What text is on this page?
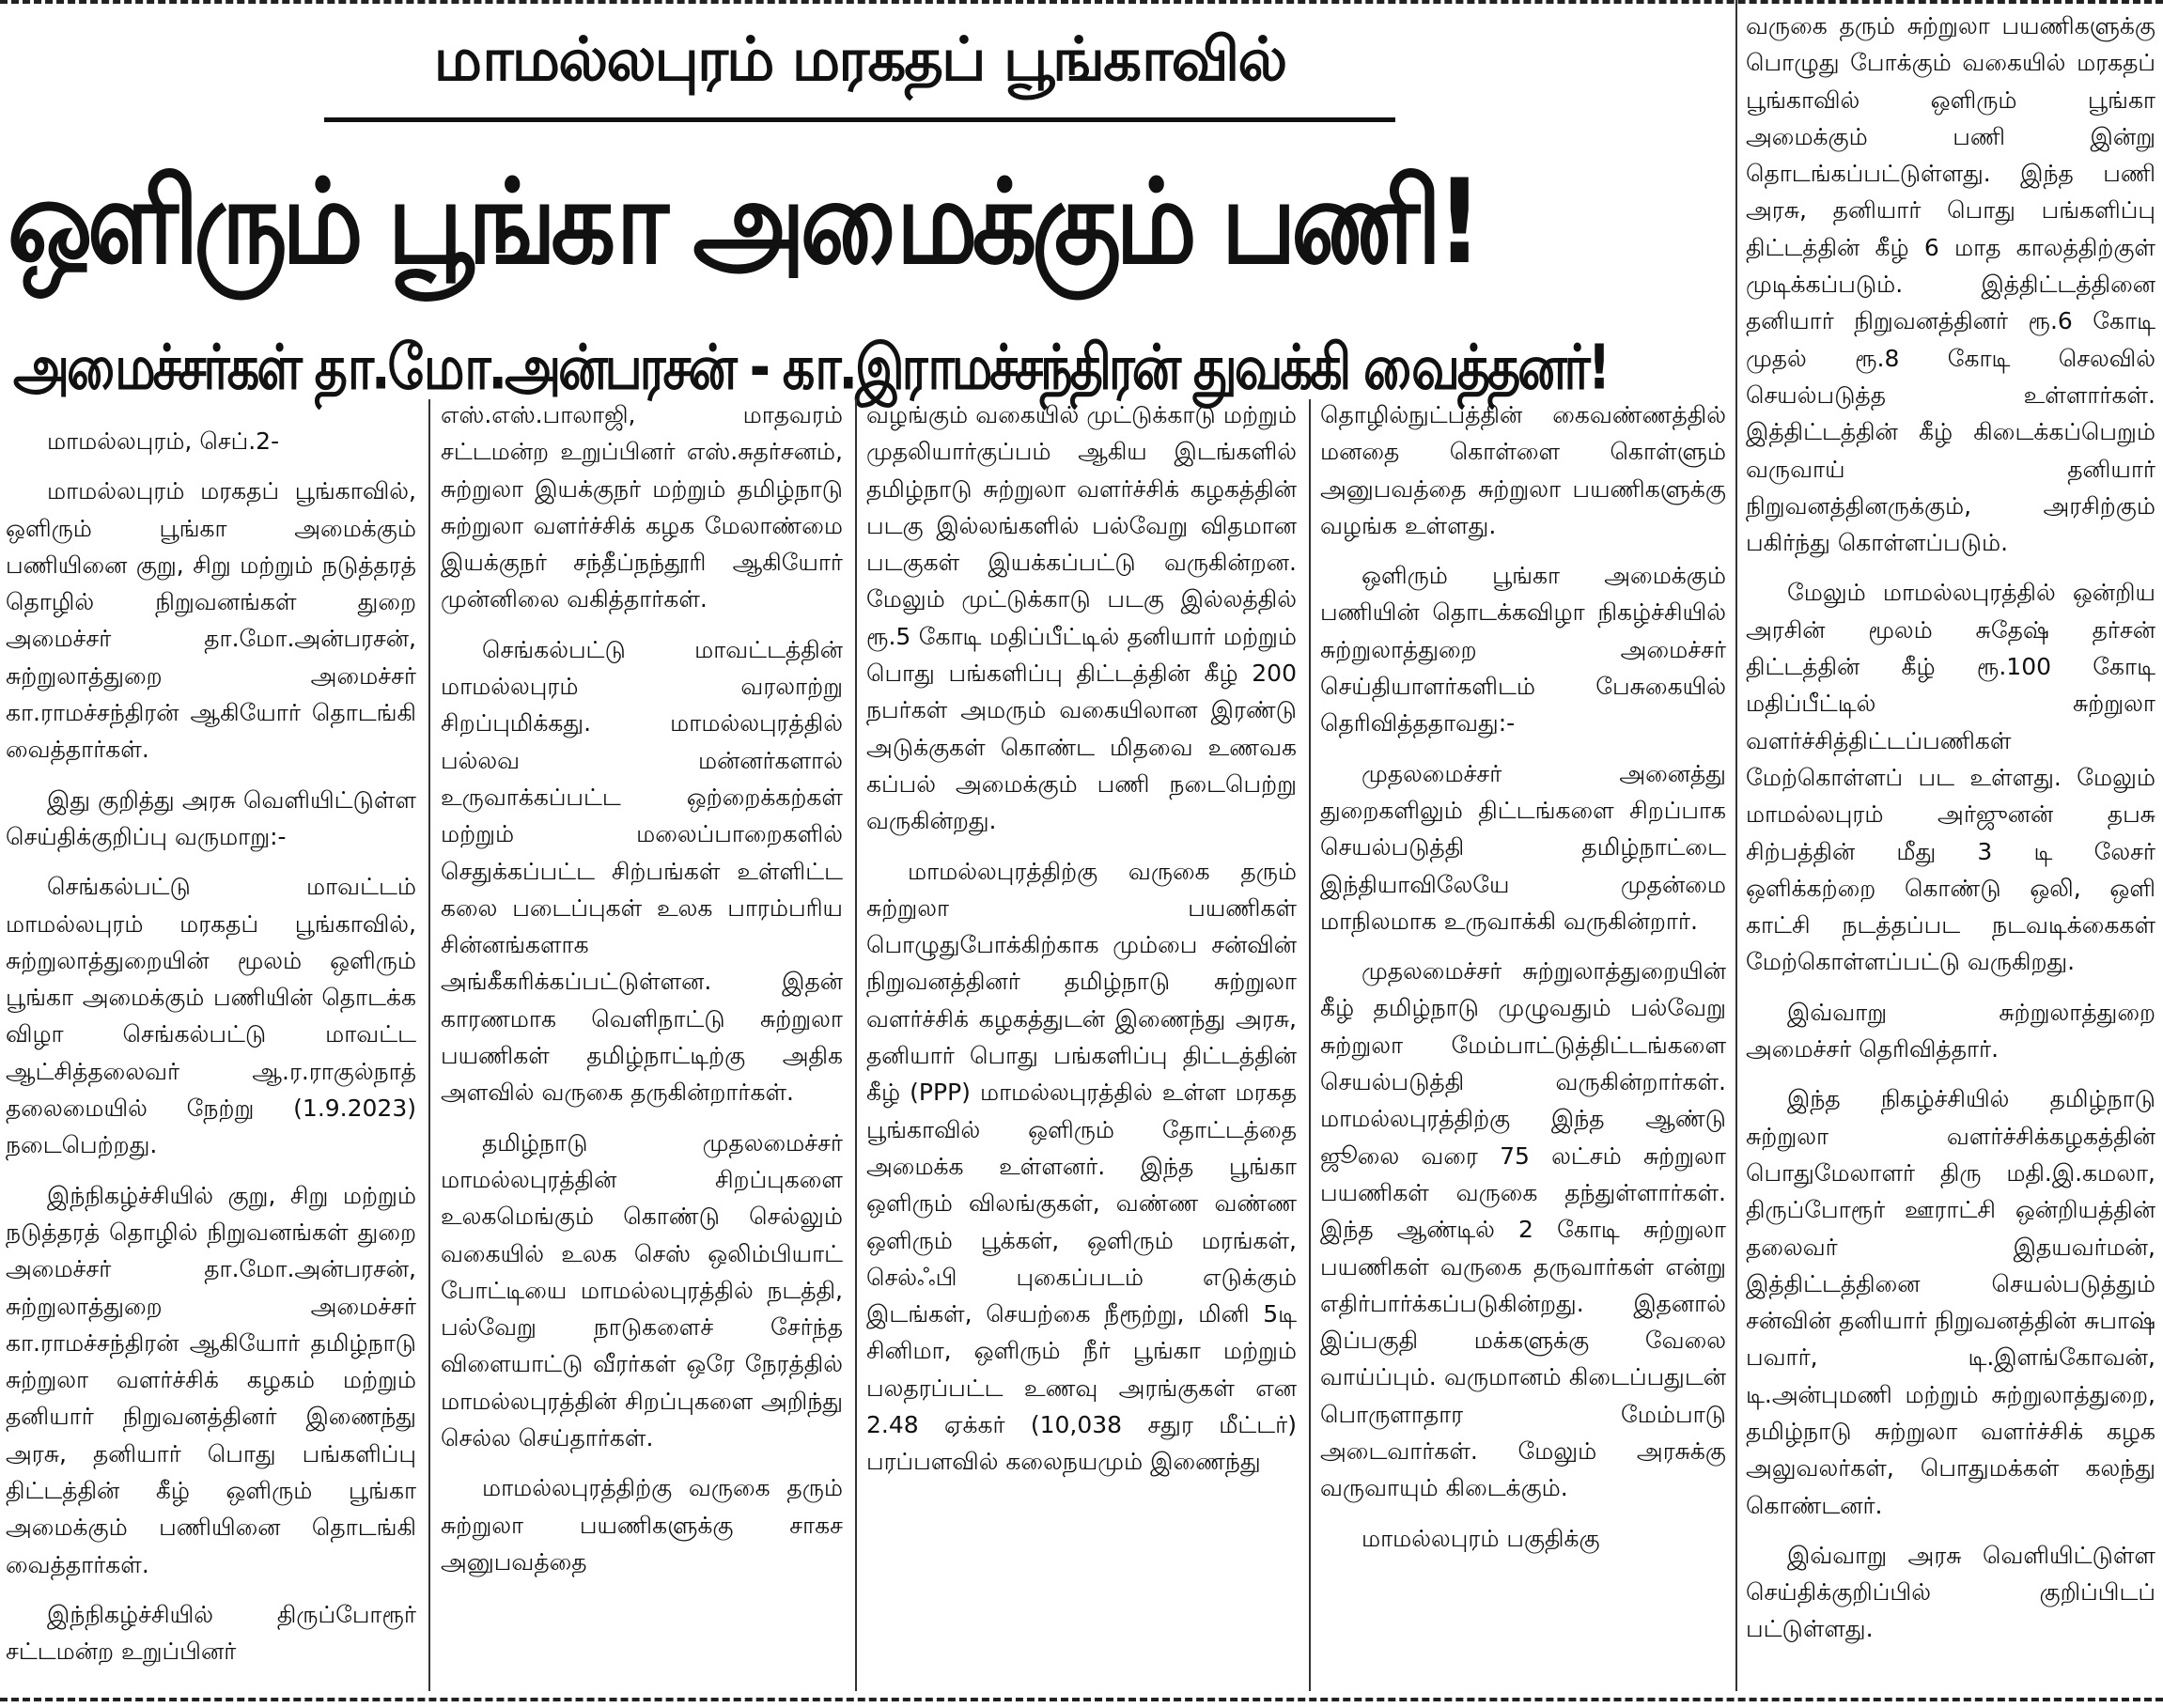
மாமல்லபுரம் மரகதப் பூங்காவில்
ஒளிரும் பூங்கா அமைக்கும் பணி!
அமைச்சர்கள் தா.மோ.அன்பரசன் - கா.இராமச்சந்திரன் துவக்கி வைத்தனர்!

மாமல்லபுரம், செப்.2-

மாமல்லபுரம் மரகதப் பூங்காவில், ஒளிரும் பூங்கா அமைக்கும் பணியினை குறு, சிறு மற்றும் நடுத்தரத் தொழில் நிறுவனங்கள் துறை அமைச்சர் தா.மோ.அன்பரசன், சுற்றுலாத்துறை அமைச்சர் கா.ராமச்சந்திரன் ஆகியோர் தொடங்கி வைத்தார்கள்.

இது குறித்து அரசு வெளியிட்டுள்ள செய்திக்குறிப்பு வருமாறு:-

செங்கல்பட்டு மாவட்டம் மாமல்லபுரம் மரகதப் பூங்காவில், சுற்றுலாத்துறையின் மூலம் ஒளிரும் பூங்கா அமைக்கும் பணியின் தொடக்க விழா செங்கல்பட்டு மாவட்ட ஆட்சித்தலைவர் ஆ.ர.ராகுல்நாத் தலைமையில் நேற்று (1.9.2023) நடைபெற்றது.

இந்நிகழ்ச்சியில் குறு, சிறு மற்றும் நடுத்தரத் தொழில் நிறுவனங்கள் துறை அமைச்சர் தா.மோ.அன்பரசன், சுற்றுலாத்துறை அமைச்சர் கா.ராமச்சந்திரன் ஆகியோர் தமிழ்நாடு சுற்றுலா வளர்ச்சிக் கழகம் மற்றும் தனியார் நிறுவனத்தினர் இணைந்து அரசு, தனியார் பொது பங்களிப்பு திட்டத்தின் கீழ் ஒளிரும் பூங்கா அமைக்கும் பணியினை தொடங்கி வைத்தார்கள்.

இந்நிகழ்ச்சியில் திருப்போரூர் சட்டமன்ற உறுப்பினர்

எஸ்.எஸ்.பாலாஜி, மாதவரம் சட்டமன்ற உறுப்பினர் எஸ்.சுதர்சனம், சுற்றுலா இயக்குநர் மற்றும் தமிழ்நாடு சுற்றுலா வளர்ச்சிக் கழக மேலாண்மை இயக்குநர் சந்தீப்நந்தூரி ஆகியோர் முன்னிலை வகித்தார்கள்.

செங்கல்பட்டு மாவட்டத்தின் மாமல்லபுரம் வரலாற்று சிறப்புமிக்கது. மாமல்லபுரத்தில் பல்லவ மன்னர்களால் உருவாக்கப்பட்ட ஒற்றைக்கற்கள் மற்றும் மலைப்பாறைகளில் செதுக்கப்பட்ட சிற்பங்கள் உள்ளிட்ட கலை படைப்புகள் உலக பாரம்பரிய சின்னங்களாக அங்கீகரிக்கப்பட்டுள்ளன. இதன் காரணமாக வெளிநாட்டு சுற்றுலா பயணிகள் தமிழ்நாட்டிற்கு அதிக அளவில் வருகை தருகின்றார்கள்.

தமிழ்நாடு முதலமைச்சர் மாமல்லபுரத்தின் சிறப்புகளை உலகமெங்கும் கொண்டு செல்லும் வகையில் உலக செஸ் ஒலிம்பியாட் போட்டியை மாமல்லபுரத்தில் நடத்தி, பல்வேறு நாடுகளைச் சேர்ந்த விளையாட்டு வீரர்கள் ஒரே நேரத்தில் மாமல்லபுரத்தின் சிறப்புகளை அறிந்து செல்ல செய்தார்கள்.

மாமல்லபுரத்திற்கு வருகை தரும் சுற்றுலா பயணிகளுக்கு சாகச அனுபவத்தை

வழங்கும் வகையில் முட்டுக்காடு மற்றும் முதலியார்குப்பம் ஆகிய இடங்களில் தமிழ்நாடு சுற்றுலா வளர்ச்சிக் கழகத்தின் படகு இல்லங்களில் பல்வேறு விதமான படகுகள் இயக்கப்பட்டு வருகின்றன. மேலும் முட்டுக்காடு படகு இல்லத்தில் ரூ.5 கோடி மதிப்பீட்டில் தனியார் மற்றும் பொது பங்களிப்பு திட்டத்தின் கீழ் 200 நபர்கள் அமரும் வகையிலான இரண்டு அடுக்குகள் கொண்ட மிதவை உணவக கப்பல் அமைக்கும் பணி நடைபெற்று வருகின்றது.

மாமல்லபுரத்திற்கு வருகை தரும் சுற்றுலா பயணிகள் பொழுதுபோக்கிற்காக மும்பை சன்வின் நிறுவனத்தினர் தமிழ்நாடு சுற்றுலா வளர்ச்சிக் கழகத்துடன் இணைந்து அரசு, தனியார் பொது பங்களிப்பு திட்டத்தின் கீழ் (PPP) மாமல்லபுரத்தில் உள்ள மரகத பூங்காவில் ஒளிரும் தோட்டத்தை அமைக்க உள்ளனர். இந்த பூங்கா ஒளிரும் விலங்குகள், வண்ண வண்ண ஒளிரும் பூக்கள், ஒளிரும் மரங்கள், செல்ஃபி புகைப்படம் எடுக்கும் இடங்கள், செயற்கை நீரூற்று, மினி 5டி சினிமா, ஒளிரும் நீர் பூங்கா மற்றும் பலதரப்பட்ட உணவு அரங்குகள் என 2.48 ஏக்கர் (10,038 சதுர மீட்டர்) பரப்பளவில் கலைநயமும் இணைந்து

தொழில்நுட்பத்தின் கைவண்ணத்தில் மனதை கொள்ளை கொள்ளும் அனுபவத்தை சுற்றுலா பயணிகளுக்கு வழங்க உள்ளது.

ஒளிரும் பூங்கா அமைக்கும் பணியின் தொடக்கவிழா நிகழ்ச்சியில் சுற்றுலாத்துறை அமைச்சர் செய்தியாளர்களிடம் பேசுகையில் தெரிவித்ததாவது:-

முதலமைச்சர் அனைத்து துறைகளிலும் திட்டங்களை சிறப்பாக செயல்படுத்தி தமிழ்நாட்டை இந்தியாவிலேயே முதன்மை மாநிலமாக உருவாக்கி வருகின்றார்.

முதலமைச்சர் சுற்றுலாத்துறையின் கீழ் தமிழ்நாடு முழுவதும் பல்வேறு சுற்றுலா மேம்பாட்டுத்திட்டங்களை செயல்படுத்தி வருகின்றார்கள். மாமல்லபுரத்திற்கு இந்த ஆண்டு ஜூலை வரை 75 லட்சம் சுற்றுலா பயணிகள் வருகை தந்துள்ளார்கள். இந்த ஆண்டில் 2 கோடி சுற்றுலா பயணிகள் வருகை தருவார்கள் என்று எதிர்பார்க்கப்படுகின்றது. இதனால் இப்பகுதி மக்களுக்கு வேலை வாய்ப்பும். வருமானம் கிடைப்பதுடன் பொருளாதார மேம்பாடு அடைவார்கள். மேலும் அரசுக்கு வருவாயும் கிடைக்கும்.

மாமல்லபுரம் பகுதிக்கு

வருகை தரும் சுற்றுலா பயணிகளுக்கு பொழுது போக்கும் வகையில் மரகதப் பூங்காவில் ஒளிரும் பூங்கா அமைக்கும் பணி இன்று தொடங்கப்பட்டுள்ளது. இந்த பணி அரசு, தனியார் பொது பங்களிப்பு திட்டத்தின் கீழ் 6 மாத காலத்திற்குள் முடிக்கப்படும். இத்திட்டத்தினை தனியார் நிறுவனத்தினர் ரூ.6 கோடி முதல் ரூ.8 கோடி செலவில் செயல்படுத்த உள்ளார்கள். இத்திட்டத்தின் கீழ் கிடைக்கப்பெறும் வருவாய் தனியார் நிறுவனத்தினருக்கும், அரசிற்கும் பகிர்ந்து கொள்ளப்படும்.

மேலும் மாமல்லபுரத்தில் ஒன்றிய அரசின் மூலம் சுதேஷ் தர்சன் திட்டத்தின் கீழ் ரூ.100 கோடி மதிப்பீட்டில் சுற்றுலா வளர்ச்சித்திட்டப்பணிகள் மேற்கொள்ளப் பட உள்ளது. மேலும் மாமல்லபுரம் அர்ஜுனன் தபசு சிற்பத்தின் மீது 3 டி லேசர் ஒளிக்கற்றை கொண்டு ஒலி, ஒளி காட்சி நடத்தப்பட நடவடிக்கைகள் மேற்கொள்ளப்பட்டு வருகிறது.

இவ்வாறு சுற்றுலாத்துறை அமைச்சர் தெரிவித்தார்.

இந்த நிகழ்ச்சியில் தமிழ்நாடு சுற்றுலா வளர்ச்சிக்கழகத்தின் பொதுமேலாளர் திரு மதி.இ.கமலா, திருப்போரூர் ஊராட்சி ஒன்றியத்தின் தலைவர் இதயவர்மன், இத்திட்டத்தினை செயல்படுத்தும் சன்வின் தனியார் நிறுவனத்தின் சுபாஷ் பவார், டி.இளங்கோவன், டி.அன்புமணி மற்றும் சுற்றுலாத்துறை, தமிழ்நாடு சுற்றுலா வளர்ச்சிக் கழக அலுவலர்கள், பொதுமக்கள் கலந்து கொண்டனர்.

இவ்வாறு அரசு வெளியிட்டுள்ள செய்திக்குறிப்பில் குறிப்பிடப் பட்டுள்ளது.
